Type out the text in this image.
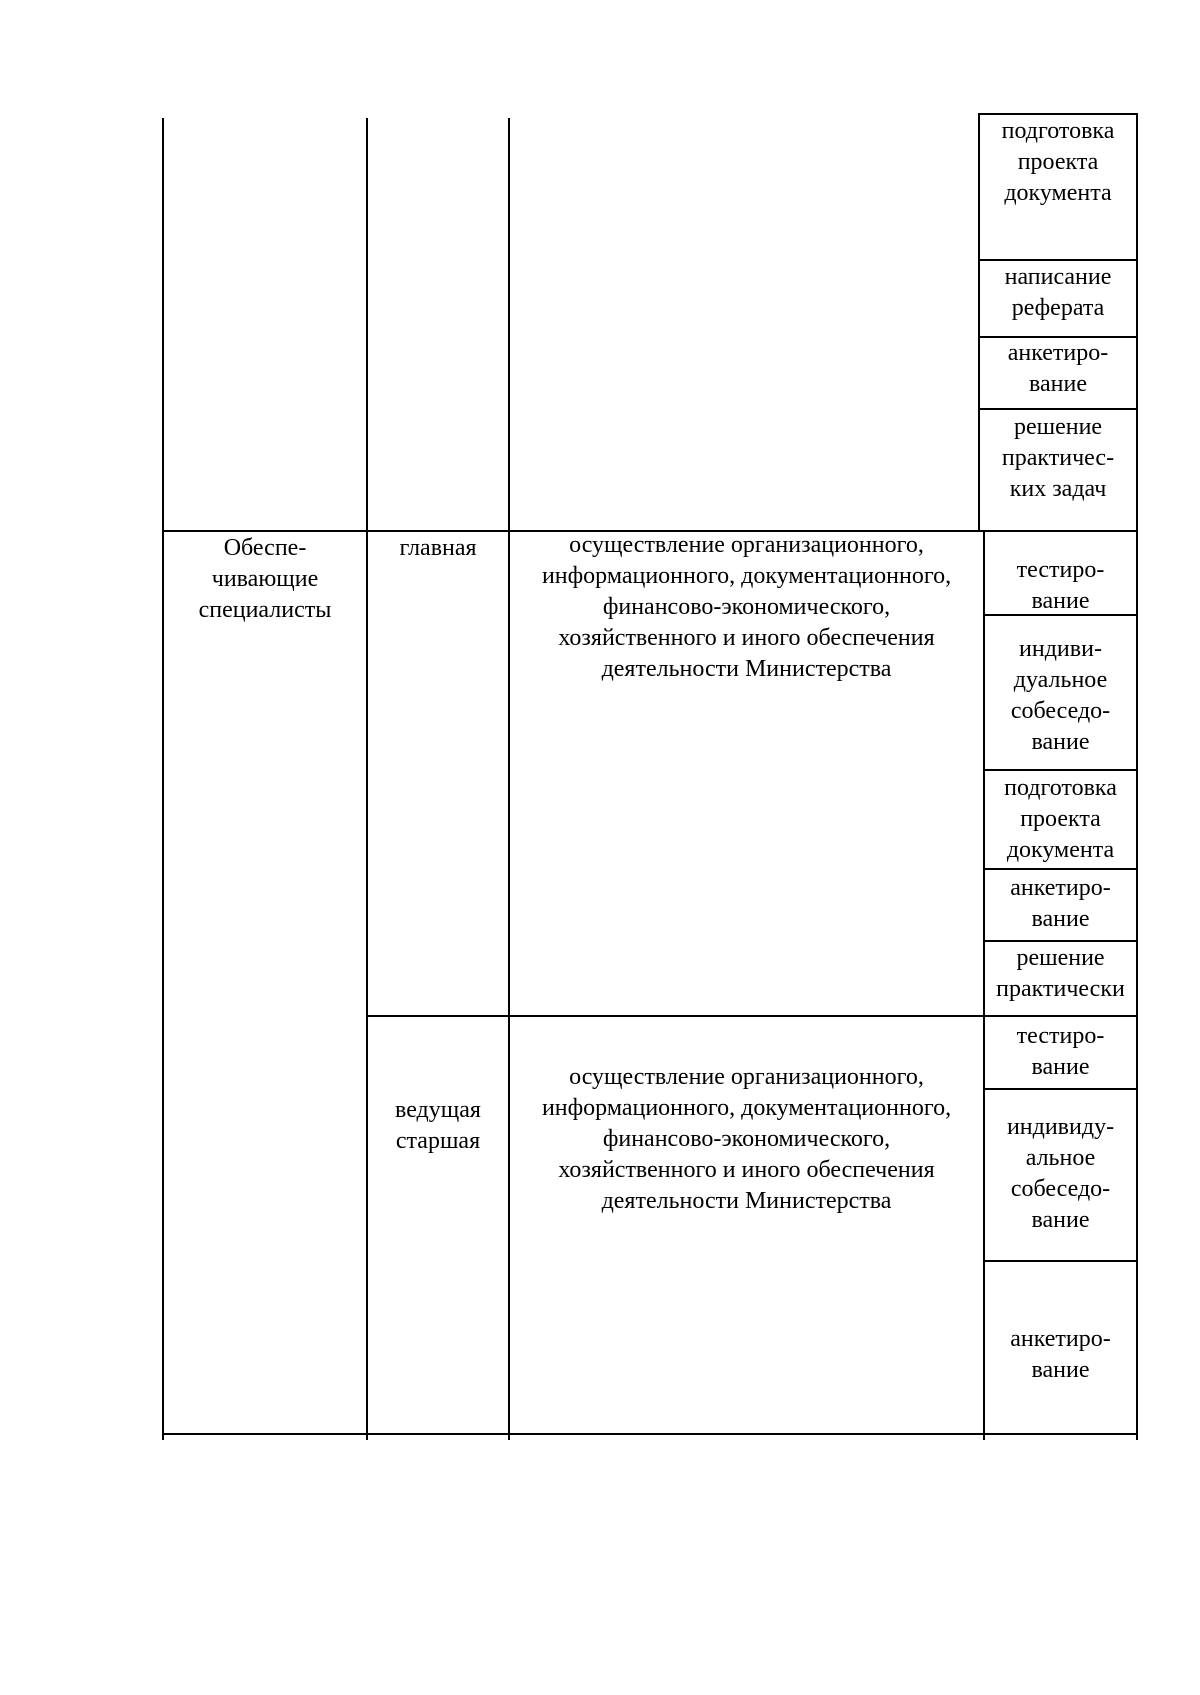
подготовка
проекта
документа
написание
реферата
анкетиро-
вание
решение
практичес-
ких задач
Обеспе-
чивающие
специалисты
главная	осуществление организационного,
информационного, документационного,
финансово-экономического,
хозяйственного и иного обеспечения
деятельности Министерства
тестиро-
вание
индиви-
дуальное
собеседо-
вание
подготовка
проекта
документа
анкетиро-
вание
решение
практически
ведущая
старшая
осуществление организационного,
информационного, документационного,
финансово-экономического,
хозяйственного и иного обеспечения
деятельности Министерства
тестиро-
вание
индивиду-
альное
собеседо-
вание
анкетиро-
вание
